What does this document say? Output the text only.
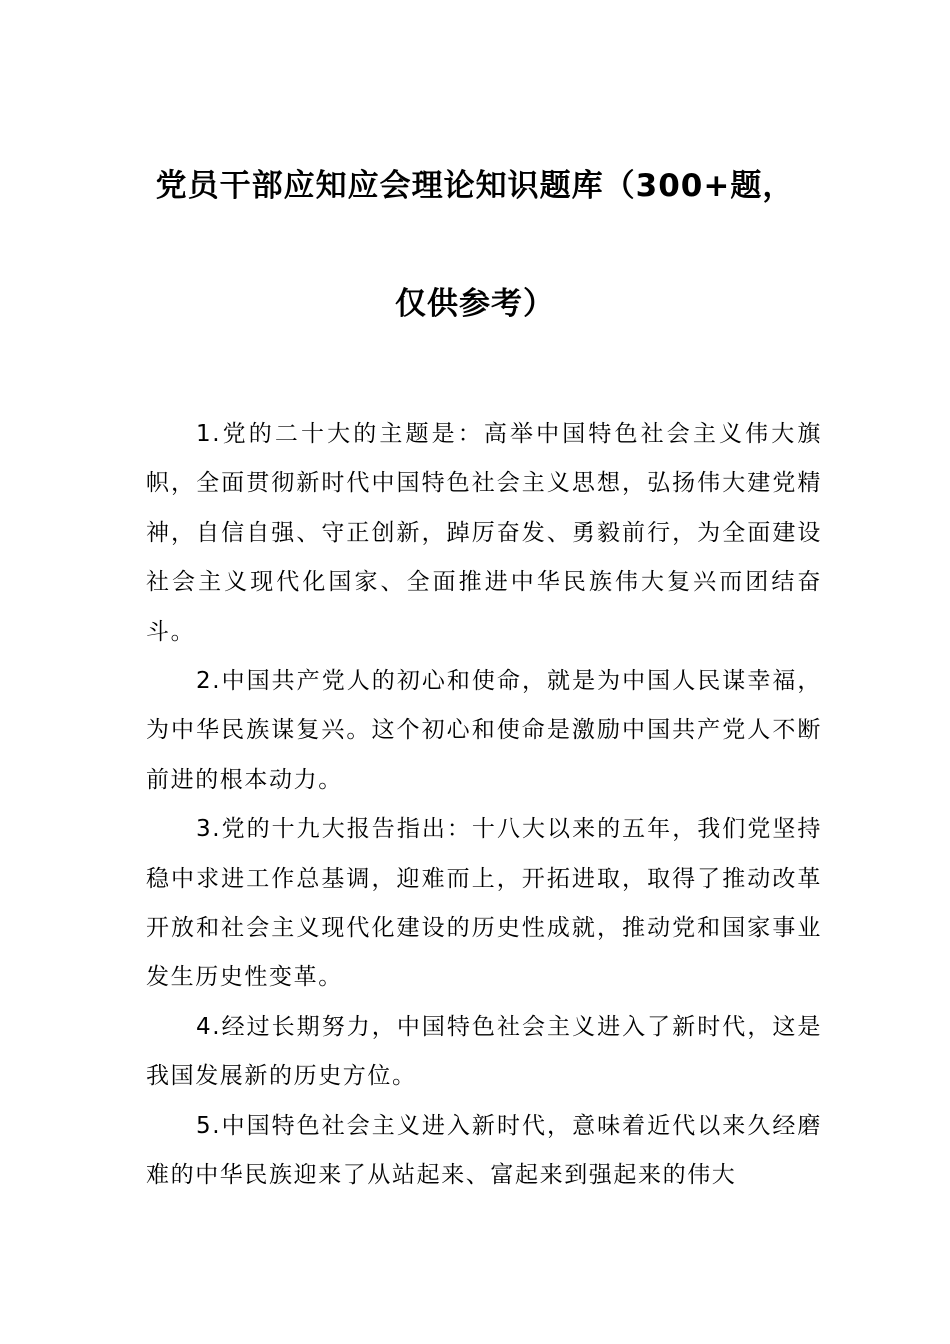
党员干部应知应会理论知识题库（300+题，
仅供参考）

1.党的二十大的主题是：高举中国特色社会主义伟大旗帜，全面贯彻新时代中国特色社会主义思想，弘扬伟大建党精神，自信自强、守正创新，踔厉奋发、勇毅前行，为全面建设社会主义现代化国家、全面推进中华民族伟大复兴而团结奋斗。

2.中国共产党人的初心和使命，就是为中国人民谋幸福，为中华民族谋复兴。这个初心和使命是激励中国共产党人不断前进的根本动力。

3.党的十九大报告指出：十八大以来的五年，我们党坚持稳中求进工作总基调，迎难而上，开拓进取，取得了推动改革开放和社会主义现代化建设的历史性成就，推动党和国家事业发生历史性变革。

4.经过长期努力，中国特色社会主义进入了新时代，这是我国发展新的历史方位。

5.中国特色社会主义进入新时代，意味着近代以来久经磨难的中华民族迎来了从站起来、富起来到强起来的伟大
